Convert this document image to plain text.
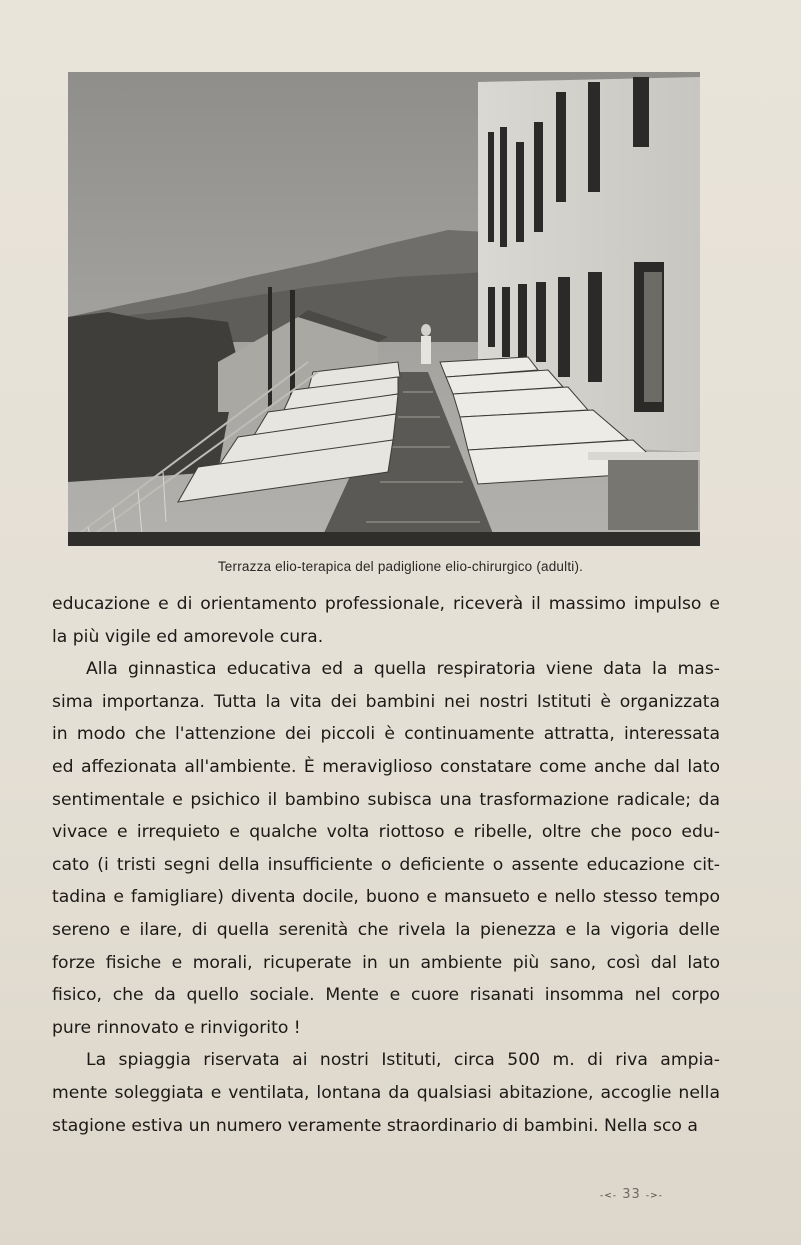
Terrazza elio-terapica del padiglione elio-chirurgico (adulti).

educazione e di orientamento professionale, riceverà il massimo impulso e
la più vigile ed amorevole cura.

Alla ginnastica educativa ed a quella respiratoria viene data la mas-
sima importanza. Tutta la vita dei bambini nei nostri Istituti è organizzata
in modo che l'attenzione dei piccoli è continuamente attratta, interessata
ed affezionata all'ambiente. È meraviglioso constatare come anche dal lato
sentimentale e psichico il bambino subisca una trasformazione radicale; da
vivace e irrequieto e qualche volta riottoso e ribelle, oltre che poco edu-
cato (i tristi segni della insufficiente o deficiente o assente educazione cit-
tadina e famigliare) diventa docile, buono e mansueto e nello stesso tempo
sereno e ilare, di quella serenità che rivela la pienezza e la vigoria delle
forze fisiche e morali, ricuperate in un ambiente più sano, così dal lato
fisico, che da quello sociale. Mente e cuore risanati insomma nel corpo
pure rinnovato e rinvigorito !

La spiaggia riservata ai nostri Istituti, circa 500 m. di riva ampia-
mente soleggiata e ventilata, lontana da qualsiasi abitazione, accoglie nella
stagione estiva un numero veramente straordinario di bambini. Nella sco a

-<- 33 ->-
